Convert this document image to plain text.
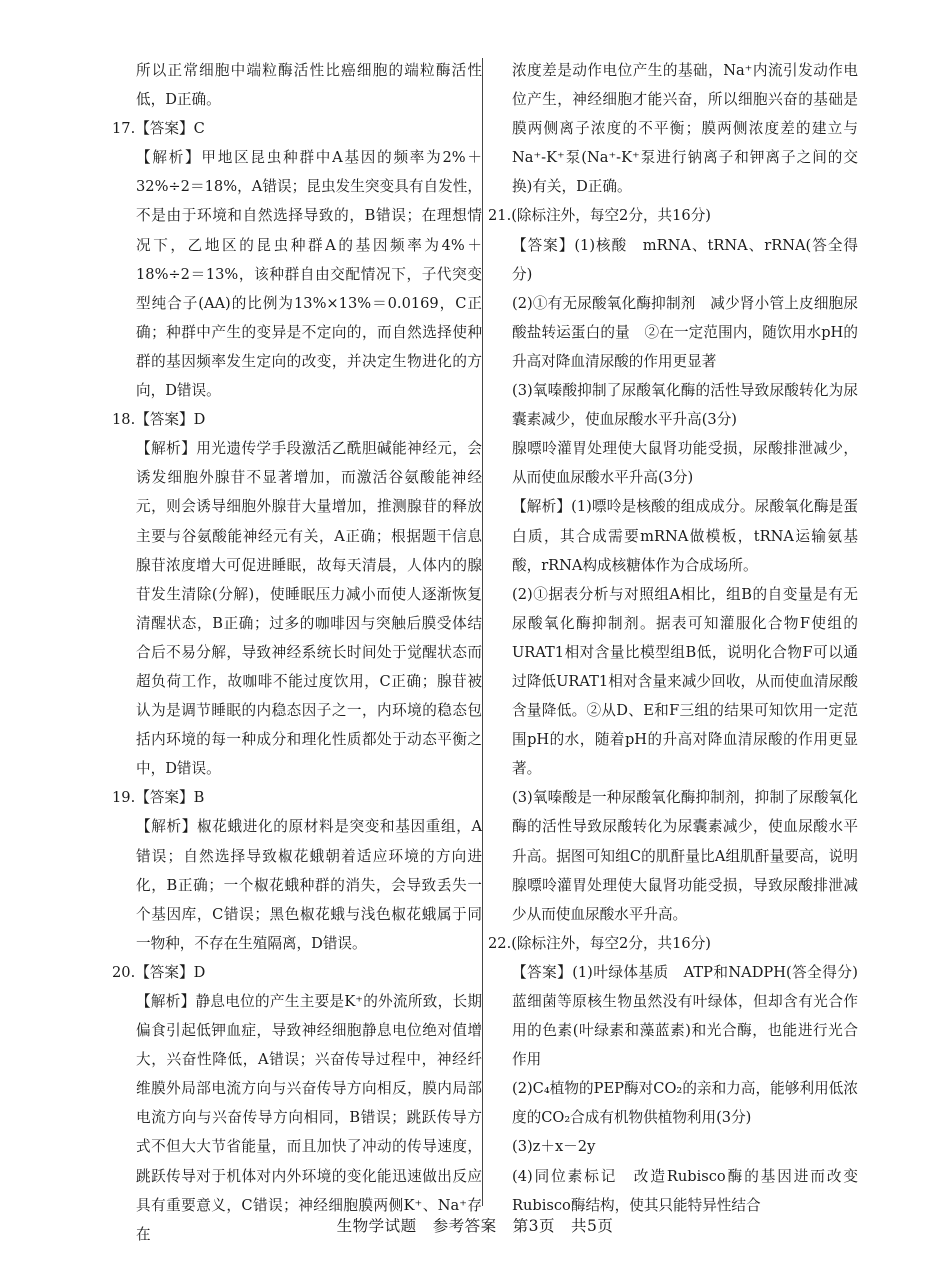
所以正常细胞中端粒酶活性比癌细胞的端粒酶活性低，D正确。

17.【答案】C

【解析】甲地区昆虫种群中A基因的频率为2%＋32%÷2＝18%，A错误；昆虫发生突变具有自发性，不是由于环境和自然选择导致的，B错误；在理想情况下，乙地区的昆虫种群A的基因频率为4%＋18%÷2＝13%，该种群自由交配情况下，子代突变型纯合子(AA)的比例为13%×13%＝0.0169，C正确；种群中产生的变异是不定向的，而自然选择使种群的基因频率发生定向的改变，并决定生物进化的方向，D错误。

18.【答案】D

【解析】用光遗传学手段激活乙酰胆碱能神经元，会诱发细胞外腺苷不显著增加，而激活谷氨酸能神经元，则会诱导细胞外腺苷大量增加，推测腺苷的释放主要与谷氨酸能神经元有关，A正确；根据题干信息腺苷浓度增大可促进睡眠，故每天清晨，人体内的腺苷发生清除(分解)，使睡眠压力减小而使人逐渐恢复清醒状态，B正确；过多的咖啡因与突触后膜受体结合后不易分解，导致神经系统长时间处于觉醒状态而超负荷工作，故咖啡不能过度饮用，C正确；腺苷被认为是调节睡眠的内稳态因子之一，内环境的稳态包括内环境的每一种成分和理化性质都处于动态平衡之中，D错误。

19.【答案】B

【解析】椒花蛾进化的原材料是突变和基因重组，A错误；自然选择导致椒花蛾朝着适应环境的方向进化，B正确；一个椒花蛾种群的消失，会导致丢失一个基因库，C错误；黑色椒花蛾与浅色椒花蛾属于同一物种，不存在生殖隔离，D错误。

20.【答案】D

【解析】静息电位的产生主要是K⁺的外流所致，长期偏食引起低钾血症，导致神经细胞静息电位绝对值增大，兴奋性降低，A错误；兴奋传导过程中，神经纤维膜外局部电流方向与兴奋传导方向相反，膜内局部电流方向与兴奋传导方向相同，B错误；跳跃传导方式不但大大节省能量，而且加快了冲动的传导速度，跳跃传导对于机体对内外环境的变化能迅速做出反应具有重要意义，C错误；神经细胞膜两侧K⁺、Na⁺存在

浓度差是动作电位产生的基础，Na⁺内流引发动作电位产生，神经细胞才能兴奋，所以细胞兴奋的基础是膜两侧离子浓度的不平衡；膜两侧浓度差的建立与Na⁺-K⁺泵(Na⁺-K⁺泵进行钠离子和钾离子之间的交换)有关，D正确。

21.(除标注外，每空2分，共16分)

【答案】(1)核酸　mRNA、tRNA、rRNA(答全得分)

(2)①有无尿酸氧化酶抑制剂　减少肾小管上皮细胞尿酸盐转运蛋白的量　②在一定范围内，随饮用水pH的升高对降血清尿酸的作用更显著

(3)氧嗪酸抑制了尿酸氧化酶的活性导致尿酸转化为尿囊素减少，使血尿酸水平升高(3分)

腺嘌呤灌胃处理使大鼠肾功能受损，尿酸排泄减少，从而使血尿酸水平升高(3分)

【解析】(1)嘌呤是核酸的组成成分。尿酸氧化酶是蛋白质，其合成需要mRNA做模板，tRNA运输氨基酸，rRNA构成核糖体作为合成场所。

(2)①据表分析与对照组A相比，组B的自变量是有无尿酸氧化酶抑制剂。据表可知灌服化合物F使组的URAT1相对含量比模型组B低，说明化合物F可以通过降低URAT1相对含量来减少回收，从而使血清尿酸含量降低。②从D、E和F三组的结果可知饮用一定范围pH的水，随着pH的升高对降血清尿酸的作用更显著。

(3)氧嗪酸是一种尿酸氧化酶抑制剂，抑制了尿酸氧化酶的活性导致尿酸转化为尿囊素减少，使血尿酸水平升高。据图可知组C的肌酐量比A组肌酐量要高，说明腺嘌呤灌胃处理使大鼠肾功能受损，导致尿酸排泄减少从而使血尿酸水平升高。

22.(除标注外，每空2分，共16分)

【答案】(1)叶绿体基质　ATP和NADPH(答全得分)　蓝细菌等原核生物虽然没有叶绿体，但却含有光合作用的色素(叶绿素和藻蓝素)和光合酶，也能进行光合作用

(2)C₄植物的PEP酶对CO₂的亲和力高，能够利用低浓度的CO₂合成有机物供植物利用(3分)

(3)z＋x－2y

(4)同位素标记　改造Rubisco酶的基因进而改变Rubisco酶结构，使其只能特异性结合

生物学试题　参考答案　第3页　共5页
